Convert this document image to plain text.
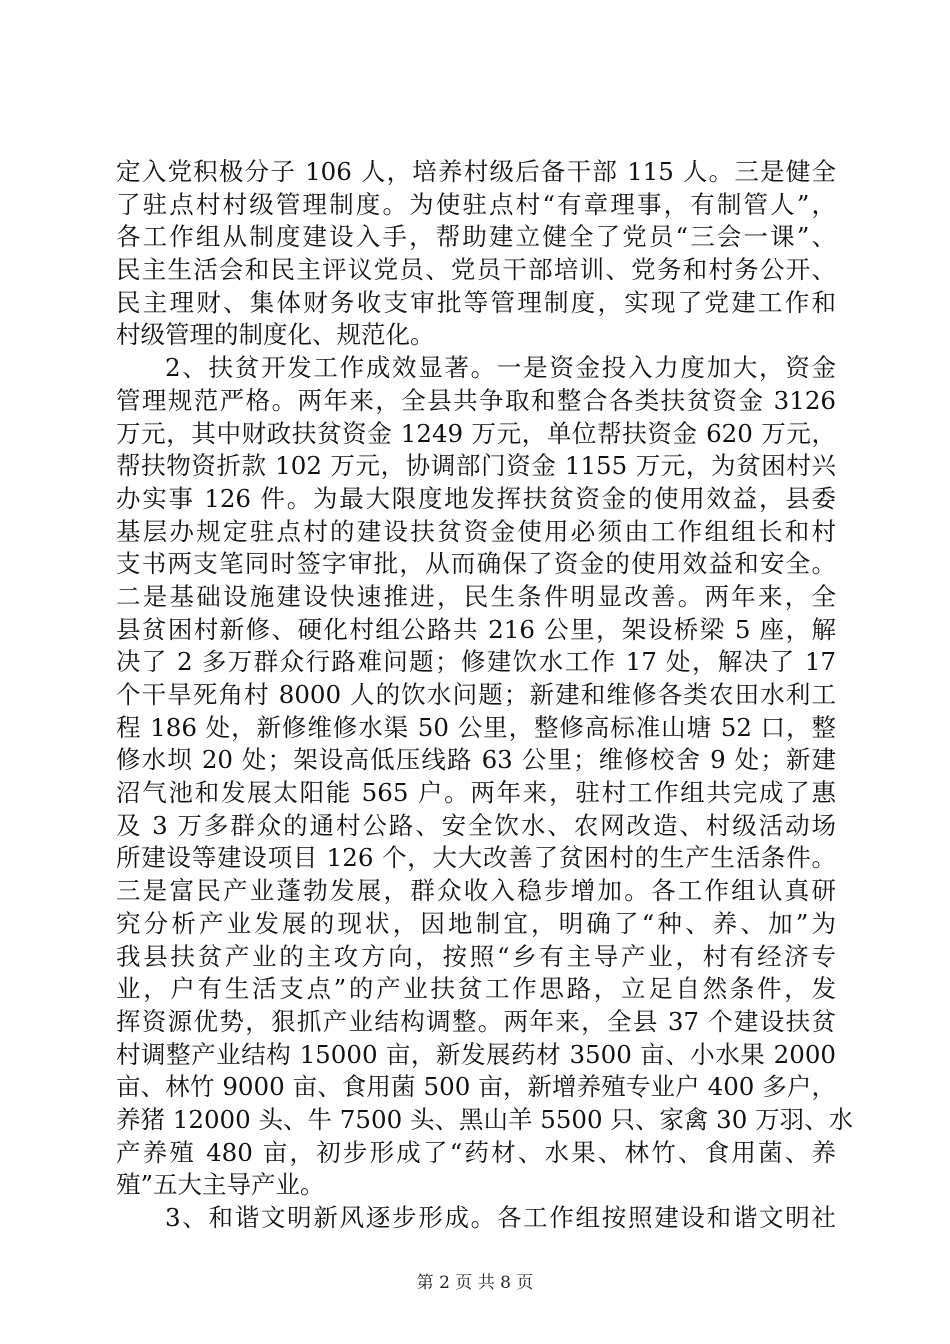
定入党积极分子 106 人，培养村级后备干部 115 人。三是健全
了驻点村村级管理制度。为使驻点村“有章理事，有制管人”，
各工作组从制度建设入手，帮助建立健全了党员“三会一课”、
民主生活会和民主评议党员、党员干部培训、党务和村务公开、
民主理财、集体财务收支审批等管理制度，实现了党建工作和
村级管理的制度化、规范化。
2、扶贫开发工作成效显著。一是资金投入力度加大，资金
管理规范严格。两年来，全县共争取和整合各类扶贫资金 3126
万元，其中财政扶贫资金 1249 万元，单位帮扶资金 620 万元，
帮扶物资折款 102 万元，协调部门资金 1155 万元，为贫困村兴
办实事 126 件。为最大限度地发挥扶贫资金的使用效益，县委
基层办规定驻点村的建设扶贫资金使用必须由工作组组长和村
支书两支笔同时签字审批，从而确保了资金的使用效益和安全。
二是基础设施建设快速推进，民生条件明显改善。两年来，全
县贫困村新修、硬化村组公路共 216 公里，架设桥梁 5 座，解
决了 2 多万群众行路难问题；修建饮水工作 17 处，解决了 17
个干旱死角村 8000 人的饮水问题；新建和维修各类农田水利工
程 186 处，新修维修水渠 50 公里，整修高标准山塘 52 口，整
修水坝 20 处；架设高低压线路 63 公里；维修校舍 9 处；新建
沼气池和发展太阳能 565 户。两年来，驻村工作组共完成了惠
及 3 万多群众的通村公路、安全饮水、农网改造、村级活动场
所建设等建设项目 126 个，大大改善了贫困村的生产生活条件。
三是富民产业蓬勃发展，群众收入稳步增加。各工作组认真研
究分析产业发展的现状，因地制宜，明确了“种、养、加”为
我县扶贫产业的主攻方向，按照“乡有主导产业，村有经济专
业，户有生活支点”的产业扶贫工作思路，立足自然条件，发
挥资源优势，狠抓产业结构调整。两年来，全县 37 个建设扶贫
村调整产业结构 15000 亩，新发展药材 3500 亩、小水果 2000
亩、林竹 9000 亩、食用菌 500 亩，新增养殖专业户 400 多户，
养猪 12000 头、牛 7500 头、黑山羊 5500 只、家禽 30 万羽、水
产养殖 480 亩，初步形成了“药材、水果、林竹、食用菌、养
殖”五大主导产业。
3、和谐文明新风逐步形成。各工作组按照建设和谐文明社
第 2 页 共 8 页
